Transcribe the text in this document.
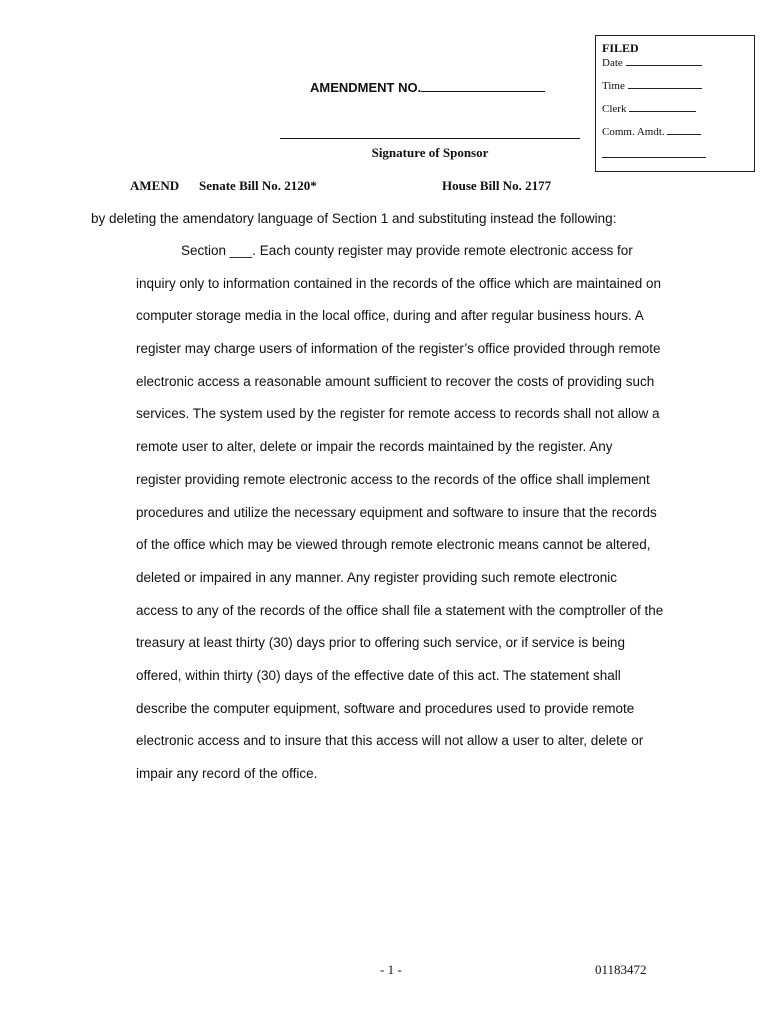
FILED
Date
Time
Clerk
Comm. Amdt.
AMENDMENT NO.
Signature of Sponsor
AMEND Senate Bill No. 2120*	House Bill No. 2177
by deleting the amendatory language of Section 1 and substituting instead the following:
Section ___. Each county register may provide remote electronic access for
inquiry only to information contained in the records of the office which are maintained on
computer storage media in the local office, during and after regular business hours. A
register may charge users of information of the register’s office provided through remote
electronic access a reasonable amount sufficient to recover the costs of providing such
services. The system used by the register for remote access to records shall not allow a
remote user to alter, delete or impair the records maintained by the register. Any
register providing remote electronic access to the records of the office shall implement
procedures and utilize the necessary equipment and software to insure that the records
of the office which may be viewed through remote electronic means cannot be altered,
deleted or impaired in any manner. Any register providing such remote electronic
access to any of the records of the office shall file a statement with the comptroller of the
treasury at least thirty (30) days prior to offering such service, or if service is being
offered, within thirty (30) days of the effective date of this act. The statement shall
describe the computer equipment, software and procedures used to provide remote
electronic access and to insure that this access will not allow a user to alter, delete or
impair any record of the office.
- 1 -	01183472
